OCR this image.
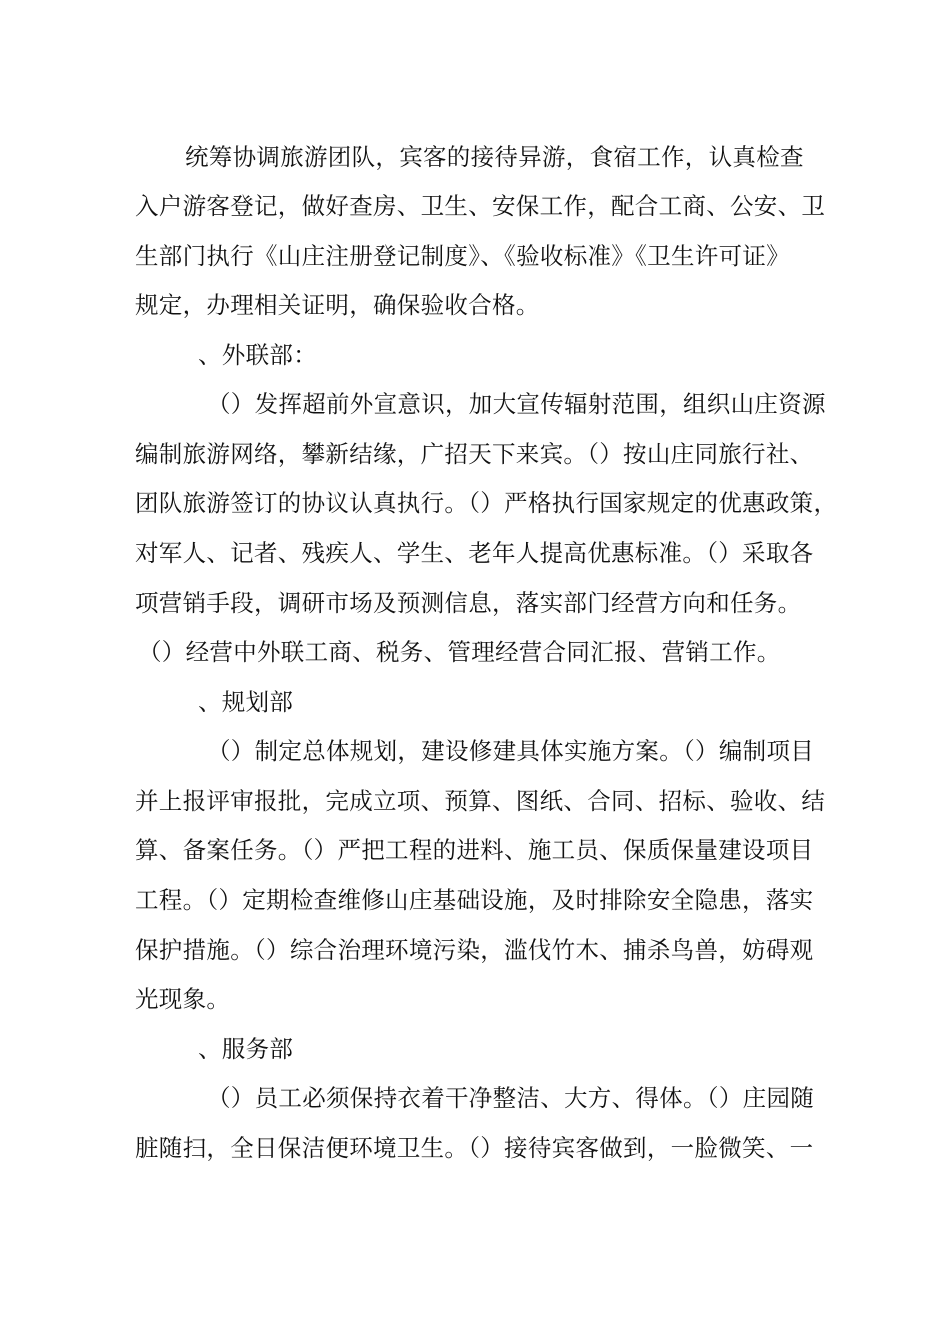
统筹协调旅游团队，宾客的接待异游，食宿工作，认真检查
入户游客登记，做好查房、卫生、安保工作，配合工商、公安、卫
生部门执行《山庄注册登记制度》、《验收标准》《卫生许可证》
规定，办理相关证明，确保验收合格。
、外联部：
（）发挥超前外宣意识，加大宣传辐射范围，组织山庄资源
编制旅游网络，攀新结缘，广招天下来宾。（）按山庄同旅行社、
团队旅游签订的协议认真执行。（）严格执行国家规定的优惠政策，
对军人、记者、残疾人、学生、老年人提高优惠标准。（）采取各
项营销手段，调研市场及预测信息，落实部门经营方向和任务。
（）经营中外联工商、税务、管理经营合同汇报、营销工作。
、规划部
（）制定总体规划，建设修建具体实施方案。（）编制项目
并上报评审报批，完成立项、预算、图纸、合同、招标、验收、结
算、备案任务。（）严把工程的进料、施工员、保质保量建设项目
工程。（）定期检查维修山庄基础设施，及时排除安全隐患，落实
保护措施。（）综合治理环境污染，滥伐竹木、捕杀鸟兽，妨碍观
光现象。
、服务部
（）员工必须保持衣着干净整洁、大方、得体。（）庄园随
脏随扫，全日保洁便环境卫生。（）接待宾客做到，一脸微笑、一
